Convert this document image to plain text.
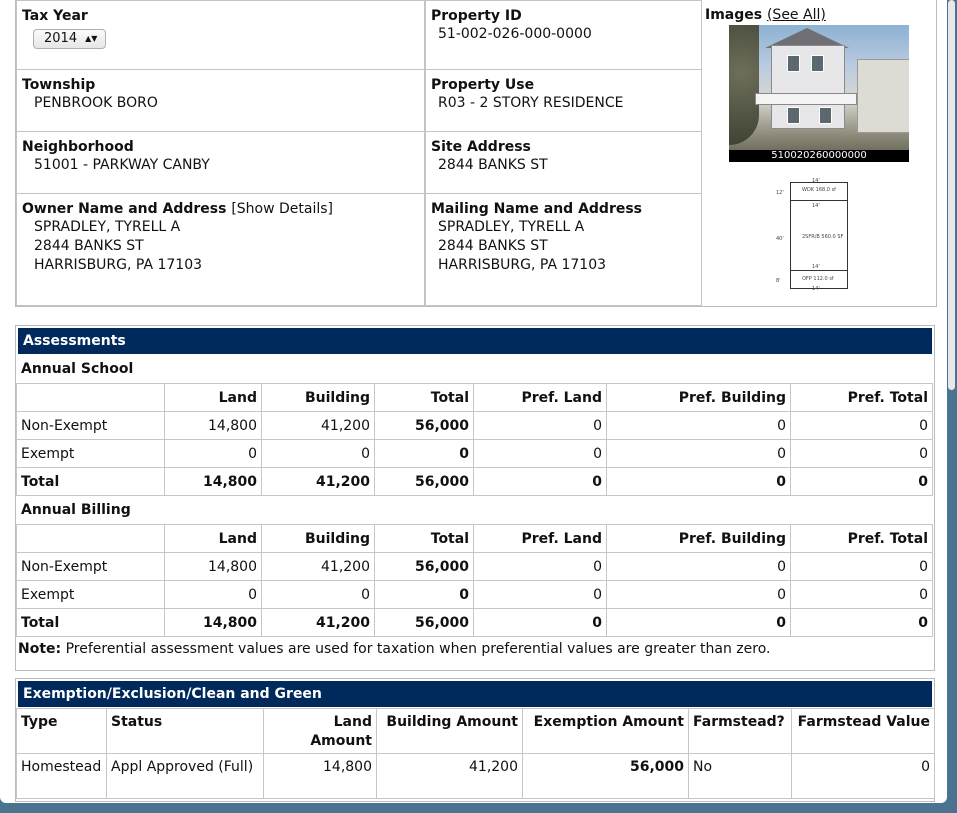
Tax Year
2014 ▲▼
Property ID
51-002-026-000-0000
Township
PENBROOK BORO
Property Use
R03 - 2 STORY RESIDENCE
Neighborhood
51001 - PARKWAY CANBY
Site Address
2844 BANKS ST
Owner Name and Address [Show Details]
SPRADLEY, TYRELL A
2844 BANKS ST
HARRISBURG, PA 17103
Mailing Name and Address
SPRADLEY, TYRELL A
2844 BANKS ST
HARRISBURG, PA 17103
Images (See All)
510020260000000
14'
WDK 168.0 sf
14'
2SFR/B 560.0 SF
14'
OFP 112.0 sf
14'
12'
40'
8'
Assessments
Annual School
	Land	Building	Total	Pref. Land	Pref. Building	Pref. Total
Non-Exempt	14,800	41,200	56,000	0	0	0
Exempt	0	0	0	0	0	0
Total	14,800	41,200	56,000	0	0	0
Annual Billing
	Land	Building	Total	Pref. Land	Pref. Building	Pref. Total
Non-Exempt	14,800	41,200	56,000	0	0	0
Exempt	0	0	0	0	0	0
Total	14,800	41,200	56,000	0	0	0
Note: Preferential assessment values are used for taxation when preferential values are greater than zero.
Exemption/Exclusion/Clean and Green
Type	Status	Land Amount	Building Amount	Exemption Amount	Farmstead?	Farmstead Value
Homestead	Appl Approved (Full)	14,800	41,200	56,000	No	0
